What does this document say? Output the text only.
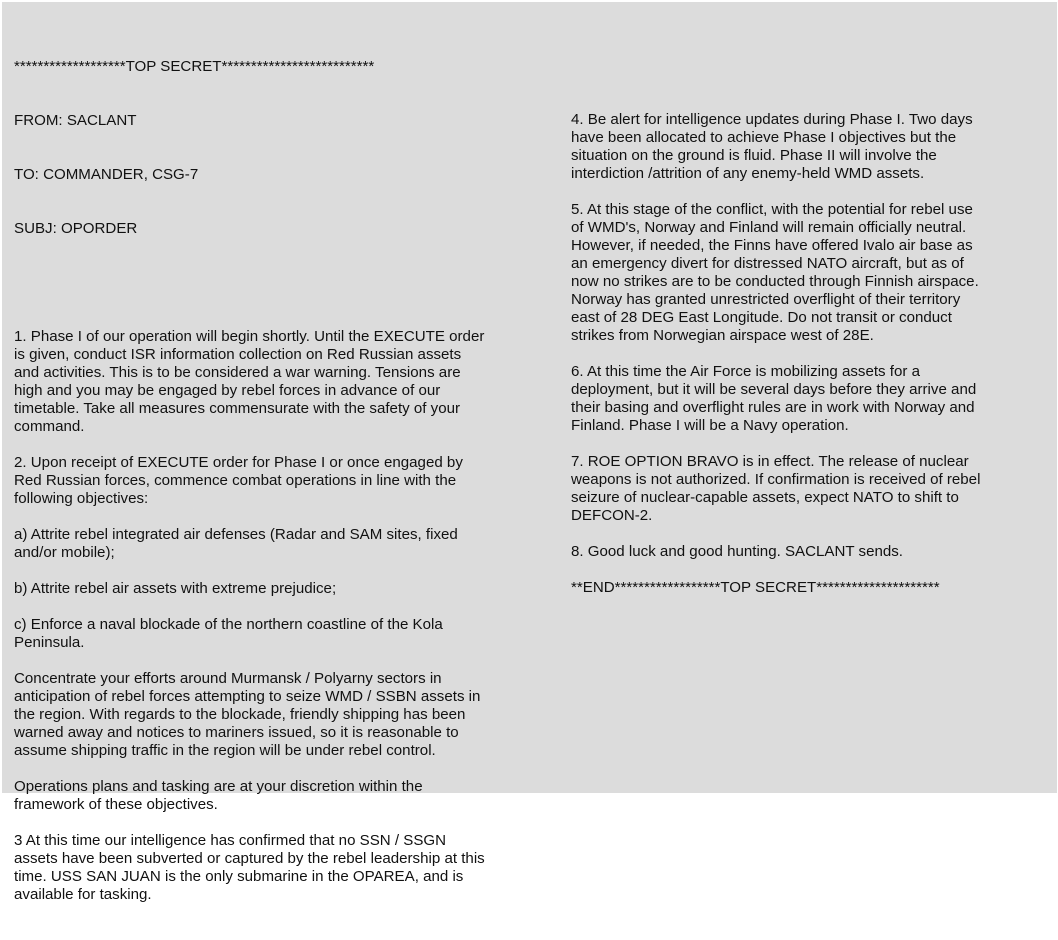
*******************TOP SECRET**************************

FROM: SACLANT

TO: COMMANDER, CSG-7

SUBJ: OPORDER

1. Phase I of our operation will begin shortly. Until the EXECUTE order
is given, conduct ISR information collection on Red Russian assets
and activities. This is to be considered a war warning. Tensions are
high and you may be engaged by rebel forces in advance of our
timetable. Take all measures commensurate with the safety of your
command.
2. Upon receipt of EXECUTE order for Phase I or once engaged by
Red Russian forces, commence combat operations in line with the
following objectives:
a) Attrite rebel integrated air defenses (Radar and SAM sites, fixed
and/or mobile);
b) Attrite rebel air assets with extreme prejudice;
c) Enforce a naval blockade of the northern coastline of the Kola
Peninsula.
Concentrate your efforts around Murmansk / Polyarny sectors in
anticipation of rebel forces attempting to seize WMD / SSBN assets in
the region. With regards to the blockade, friendly shipping has been
warned away and notices to mariners issued, so it is reasonable to
assume shipping traffic in the region will be under rebel control.
Operations plans and tasking are at your discretion within the
framework of these objectives.
3 At this time our intelligence has confirmed that no SSN / SSGN
assets have been subverted or captured by the rebel leadership at this
time. USS SAN JUAN is the only submarine in the OPAREA, and is
available for tasking.

4. Be alert for intelligence updates during Phase I. Two days
have been allocated to achieve Phase I objectives but the
situation on the ground is fluid. Phase II will involve the
interdiction /attrition of any enemy-held WMD assets.
5. At this stage of the conflict, with the potential for rebel use
of WMD's, Norway and Finland will remain officially neutral.
However, if needed, the Finns have offered Ivalo air base as
an emergency divert for distressed NATO aircraft, but as of
now no strikes are to be conducted through Finnish airspace.
Norway has granted unrestricted overflight of their territory
east of 28 DEG East Longitude. Do not transit or conduct
strikes from Norwegian airspace west of 28E.
6. At this time the Air Force is mobilizing assets for a
deployment, but it will be several days before they arrive and
their basing and overflight rules are in work with Norway and
Finland. Phase I will be a Navy operation.
7. ROE OPTION BRAVO is in effect. The release of nuclear
weapons is not authorized. If confirmation is received of rebel
seizure of nuclear-capable assets, expect NATO to shift to
DEFCON-2.
8. Good luck and good hunting. SACLANT sends.
**END******************TOP SECRET*********************
